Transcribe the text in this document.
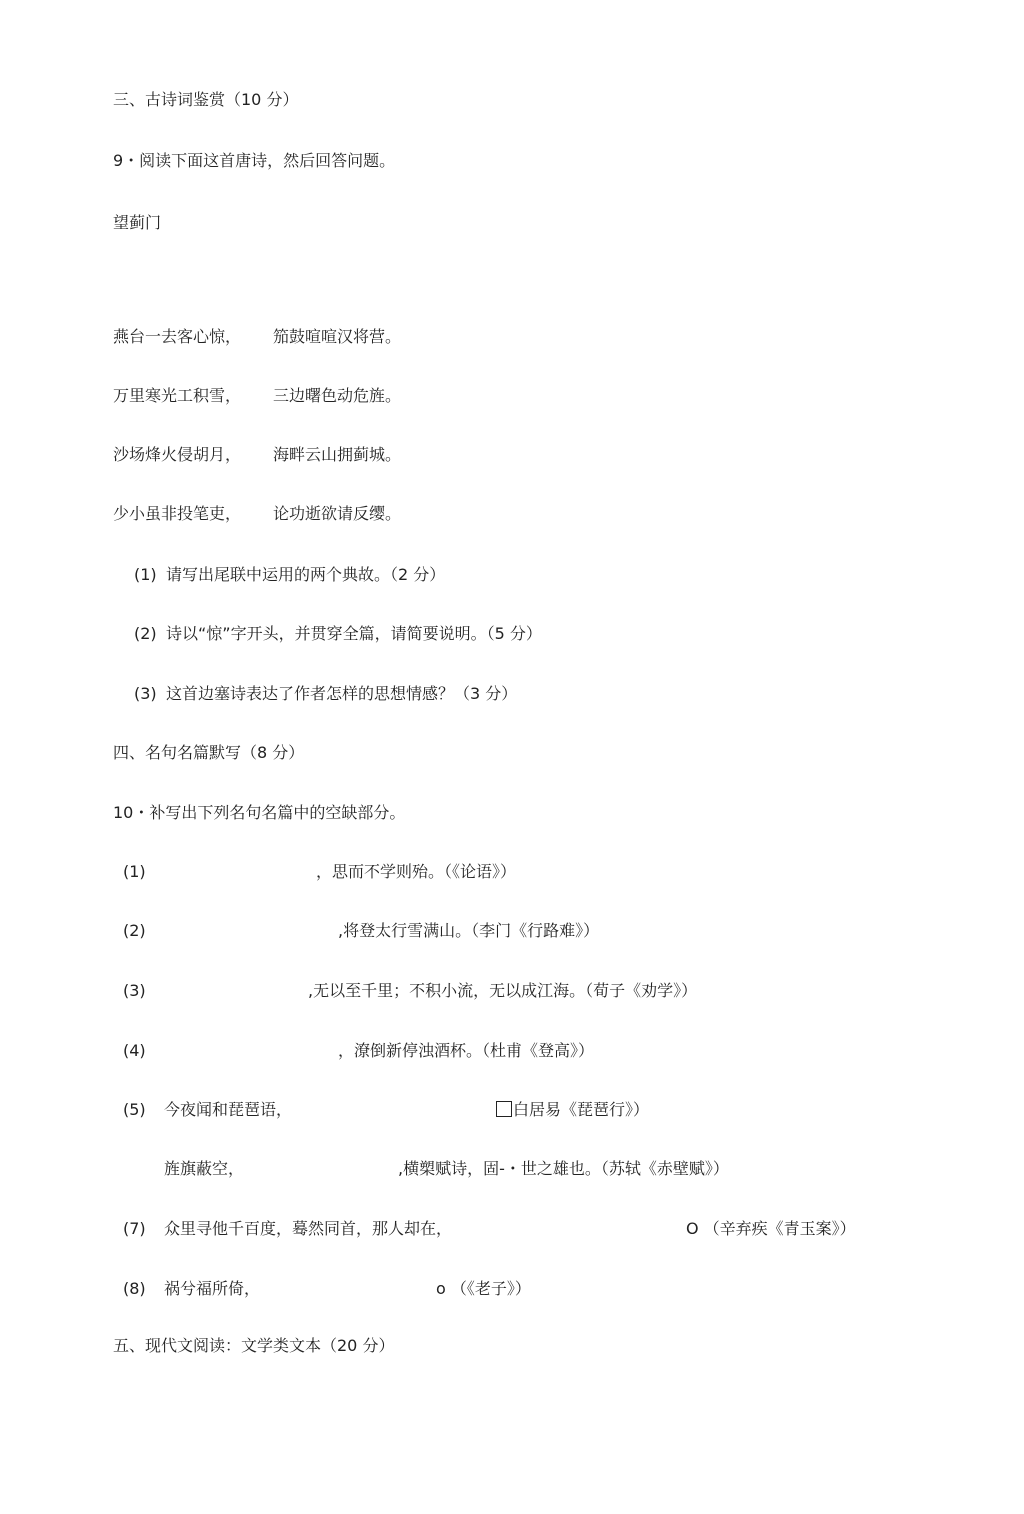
三、古诗词鉴赏（10 分）
9・阅读下面这首唐诗，然后回答问题。
望蓟门
燕台一去客心惊， 笳鼓喧喧汉将营。
万里寒光工积雪， 三边曙色动危旌。
沙场烽火侵胡月， 海畔云山拥蓟城。
少小虽非投笔吏， 论功逝欲请反缨。
(1) 请写出尾联中运用的两个典故。（2 分）
(2) 诗以“惊”字开头，并贯穿全篇，请简要说明。（5 分）
(3) 这首边塞诗表达了作者怎样的思想情感？（3 分）
四、名句名篇默写（8 分）
10・补写出下列名句名篇中的空缺部分。
(1)	，思而不学则殆。（《论语》）
(2)	,将登太行雪满山。（李门《行路难》）
(3)	,无以至千里；不积小流，无以成江海。（荀子《劝学》）
(4)	，潦倒新停浊酒杯。（杜甫《登高》）
(5) 今夜闻和琵琶语，	白居易《琵琶行》）
旌旗蔽空，	,横槊赋诗，固-・世之雄也。（苏轼《赤壁赋》）
(7) 众里寻他千百度，蓦然同首，那人却在，	O （辛弃疾《青玉案》）
(8) 祸兮福所倚，	o （《老子》）
五、现代文阅读：文学类文本（20 分）
